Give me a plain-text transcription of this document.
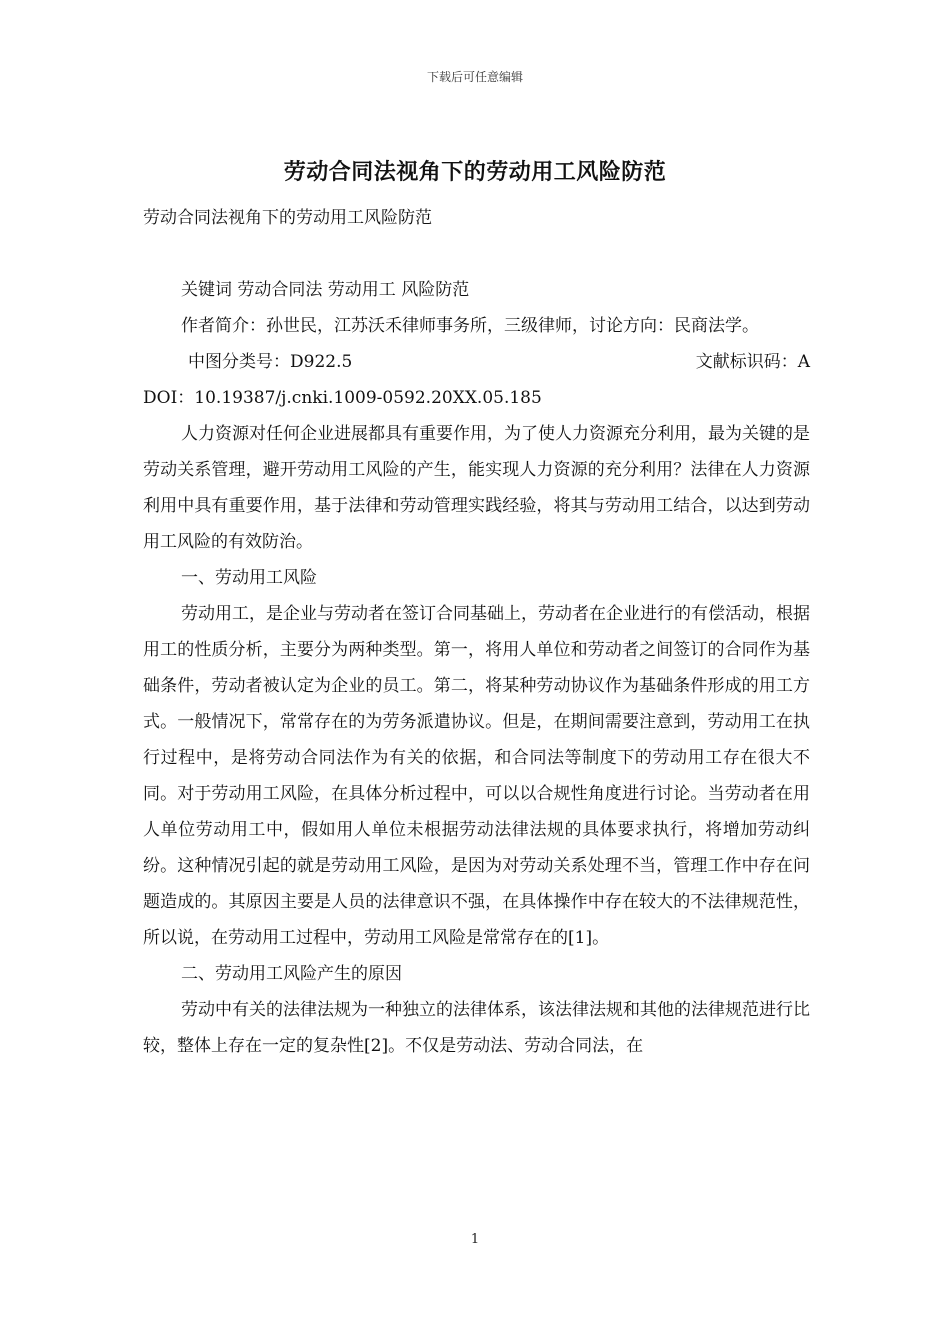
下载后可任意编辑
劳动合同法视角下的劳动用工风险防范

劳动合同法视角下的劳动用工风险防范

关键词 劳动合同法 劳动用工 风险防范

作者简介：孙世民，江苏沃禾律师事务所，三级律师，讨论方向：民商法学。

中图分类号：D922.5	文献标识码：A

DOI：10.19387/j.cnki.1009-0592.20XX.05.185

人力资源对任何企业进展都具有重要作用，为了使人力资源充分利用，最为关键的是劳动关系管理，避开劳动用工风险的产生，能实现人力资源的充分利用？法律在人力资源利用中具有重要作用，基于法律和劳动管理实践经验，将其与劳动用工结合，以达到劳动用工风险的有效防治。

一、劳动用工风险

劳动用工，是企业与劳动者在签订合同基础上，劳动者在企业进行的有偿活动，根据用工的性质分析，主要分为两种类型。第一，将用人单位和劳动者之间签订的合同作为基础条件，劳动者被认定为企业的员工。第二，将某种劳动协议作为基础条件形成的用工方式。一般情况下，常常存在的为劳务派遣协议。但是，在期间需要注意到，劳动用工在执行过程中，是将劳动合同法作为有关的依据，和合同法等制度下的劳动用工存在很大不同。对于劳动用工风险，在具体分析过程中，可以以合规性角度进行讨论。当劳动者在用人单位劳动用工中，假如用人单位未根据劳动法律法规的具体要求执行，将增加劳动纠纷。这种情况引起的就是劳动用工风险，是因为对劳动关系处理不当，管理工作中存在问题造成的。其原因主要是人员的法律意识不强，在具体操作中存在较大的不法律规范性，所以说，在劳动用工过程中，劳动用工风险是常常存在的[1]。

二、劳动用工风险产生的原因

劳动中有关的法律法规为一种独立的法律体系，该法律法规和其他的法律规范进行比较，整体上存在一定的复杂性[2]。不仅是劳动法、劳动合同法，在

1
